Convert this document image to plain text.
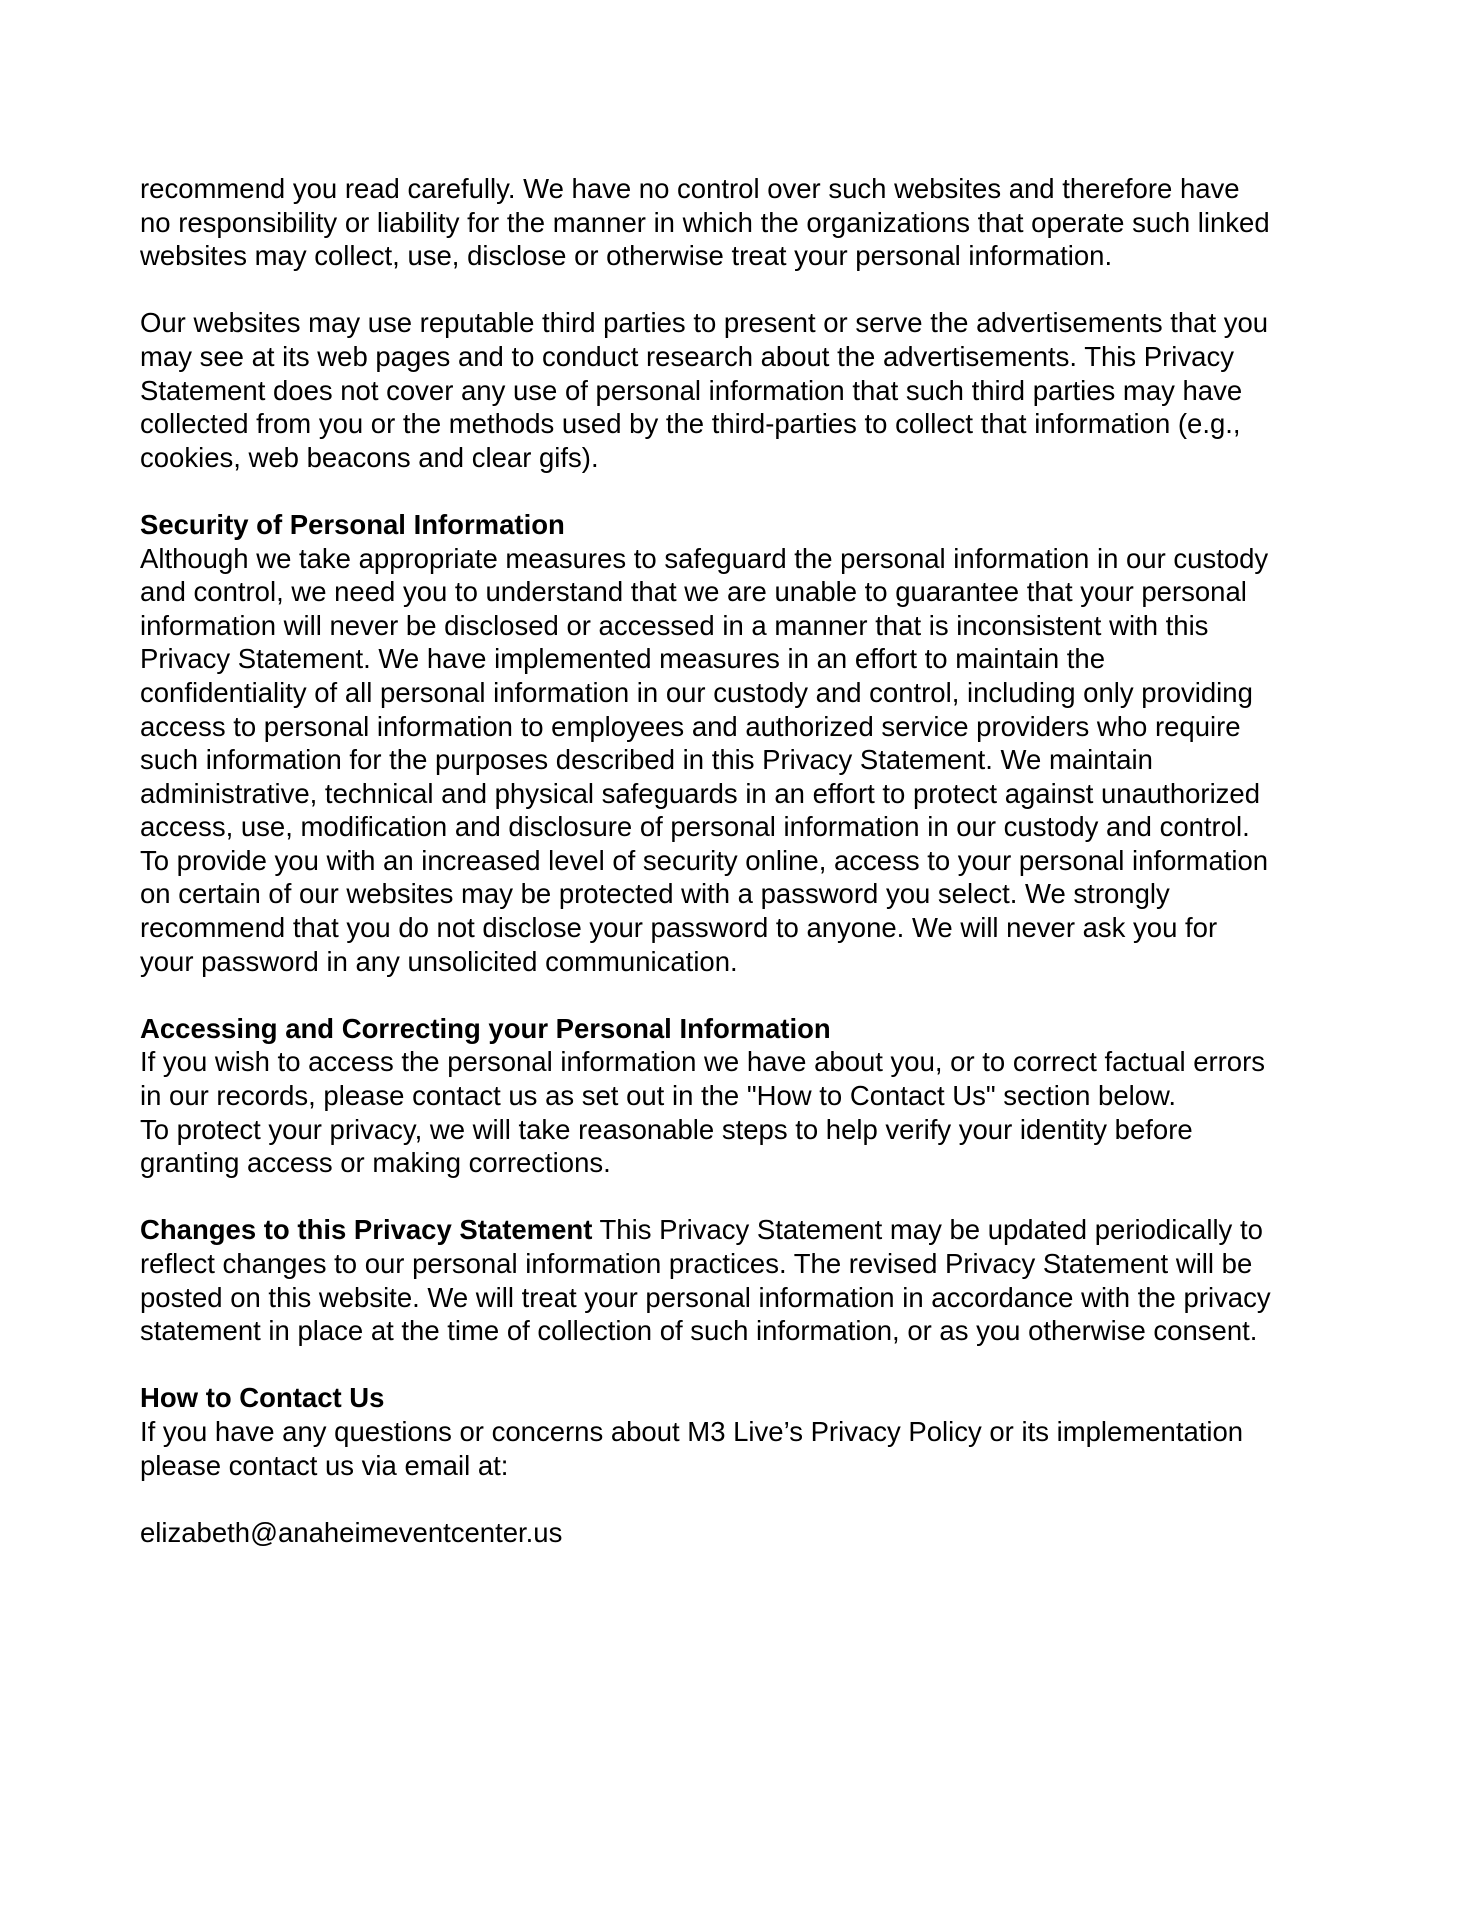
recommend you read carefully. We have no control over such websites and therefore have
no responsibility or liability for the manner in which the organizations that operate such linked
websites may collect, use, disclose or otherwise treat your personal information.
Our websites may use reputable third parties to present or serve the advertisements that you
may see at its web pages and to conduct research about the advertisements. This Privacy
Statement does not cover any use of personal information that such third parties may have
collected from you or the methods used by the third-parties to collect that information (e.g.,
cookies, web beacons and clear gifs).
Security of Personal Information
Although we take appropriate measures to safeguard the personal information in our custody
and control, we need you to understand that we are unable to guarantee that your personal
information will never be disclosed or accessed in a manner that is inconsistent with this
Privacy Statement. We have implemented measures in an effort to maintain the
confidentiality of all personal information in our custody and control, including only providing
access to personal information to employees and authorized service providers who require
such information for the purposes described in this Privacy Statement. We maintain
administrative, technical and physical safeguards in an effort to protect against unauthorized
access, use, modification and disclosure of personal information in our custody and control.
To provide you with an increased level of security online, access to your personal information
on certain of our websites may be protected with a password you select. We strongly
recommend that you do not disclose your password to anyone. We will never ask you for
your password in any unsolicited communication.
Accessing and Correcting your Personal Information
If you wish to access the personal information we have about you, or to correct factual errors
in our records, please contact us as set out in the "How to Contact Us" section below.
To protect your privacy, we will take reasonable steps to help verify your identity before
granting access or making corrections.
Changes to this Privacy Statement This Privacy Statement may be updated periodically to
reflect changes to our personal information practices. The revised Privacy Statement will be
posted on this website. We will treat your personal information in accordance with the privacy
statement in place at the time of collection of such information, or as you otherwise consent.
How to Contact Us
If you have any questions or concerns about M3 Live’s Privacy Policy or its implementation
please contact us via email at:
elizabeth@anaheimeventcenter.us
